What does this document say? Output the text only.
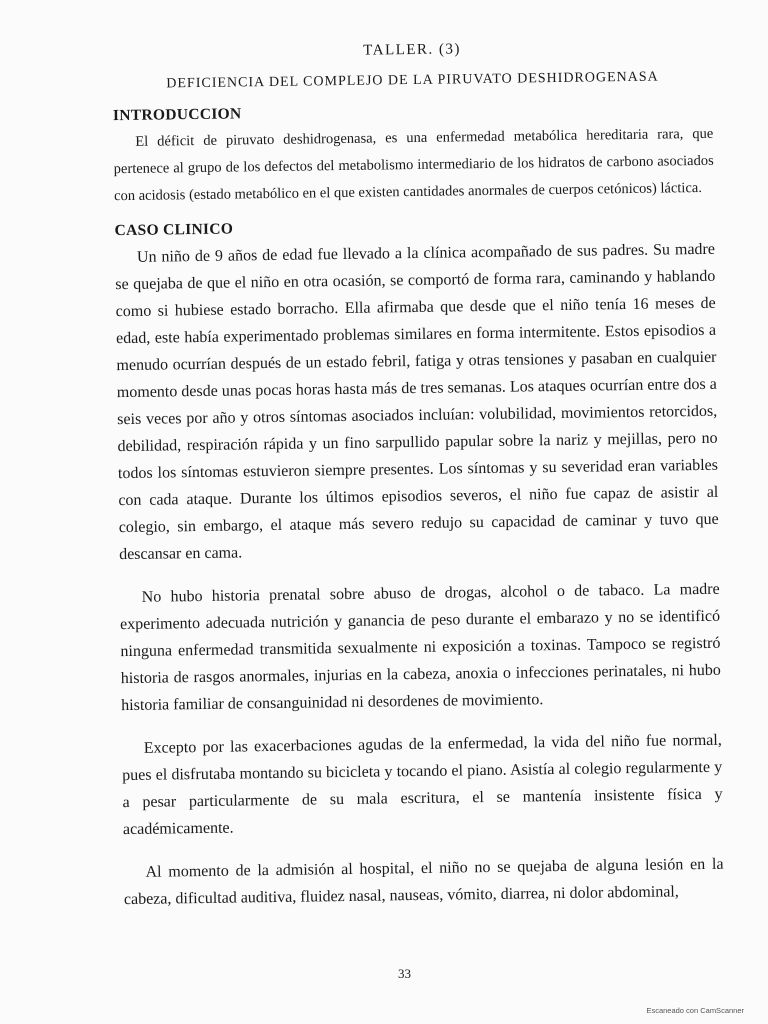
TALLER. (3)
DEFICIENCIA DEL COMPLEJO DE LA PIRUVATO DESHIDROGENASA
INTRODUCCION

El déficit de piruvato deshidrogenasa, es una enfermedad metabólica hereditaria rara, que pertenece al grupo de los defectos del metabolismo intermediario de los hidratos de carbono asociados con acidosis (estado metabólico en el que existen cantidades anormales de cuerpos cetónicos) láctica.

CASO CLINICO

Un niño de 9 años de edad fue llevado a la clínica acompañado de sus padres. Su madre se quejaba de que el niño en otra ocasión, se comportó de forma rara, caminando y hablando como si hubiese estado borracho. Ella afirmaba que desde que el niño tenía 16 meses de edad, este había experimentado problemas similares en forma intermitente. Estos episodios a menudo ocurrían después de un estado febril, fatiga y otras tensiones y pasaban en cualquier momento desde unas pocas horas hasta más de tres semanas. Los ataques ocurrían entre dos a seis veces por año y otros síntomas asociados incluían: volubilidad, movimientos retorcidos, debilidad, respiración rápida y un fino sarpullido papular sobre la nariz y mejillas, pero no todos los síntomas estuvieron siempre presentes. Los síntomas y su severidad eran variables con cada ataque. Durante los últimos episodios severos, el niño fue capaz de asistir al colegio, sin embargo, el ataque más severo redujo su capacidad de caminar y tuvo que descansar en cama.

No hubo historia prenatal sobre abuso de drogas, alcohol o de tabaco. La madre experimento adecuada nutrición y ganancia de peso durante el embarazo y no se identificó ninguna enfermedad transmitida sexualmente ni exposición a toxinas. Tampoco se registró historia de rasgos anormales, injurias en la cabeza, anoxia o infecciones perinatales, ni hubo historia familiar de consanguinidad ni desordenes de movimiento.

Excepto por las exacerbaciones agudas de la enfermedad, la vida del niño fue normal, pues el disfrutaba montando su bicicleta y tocando el piano. Asistía al colegio regularmente y a pesar particularmente de su mala escritura, el se mantenía insistente física y académicamente.

Al momento de la admisión al hospital, el niño no se quejaba de alguna lesión en la cabeza, dificultad auditiva, fluidez nasal, nauseas, vómito, diarrea, ni dolor abdominal,

33
Escaneado con CamScanner
